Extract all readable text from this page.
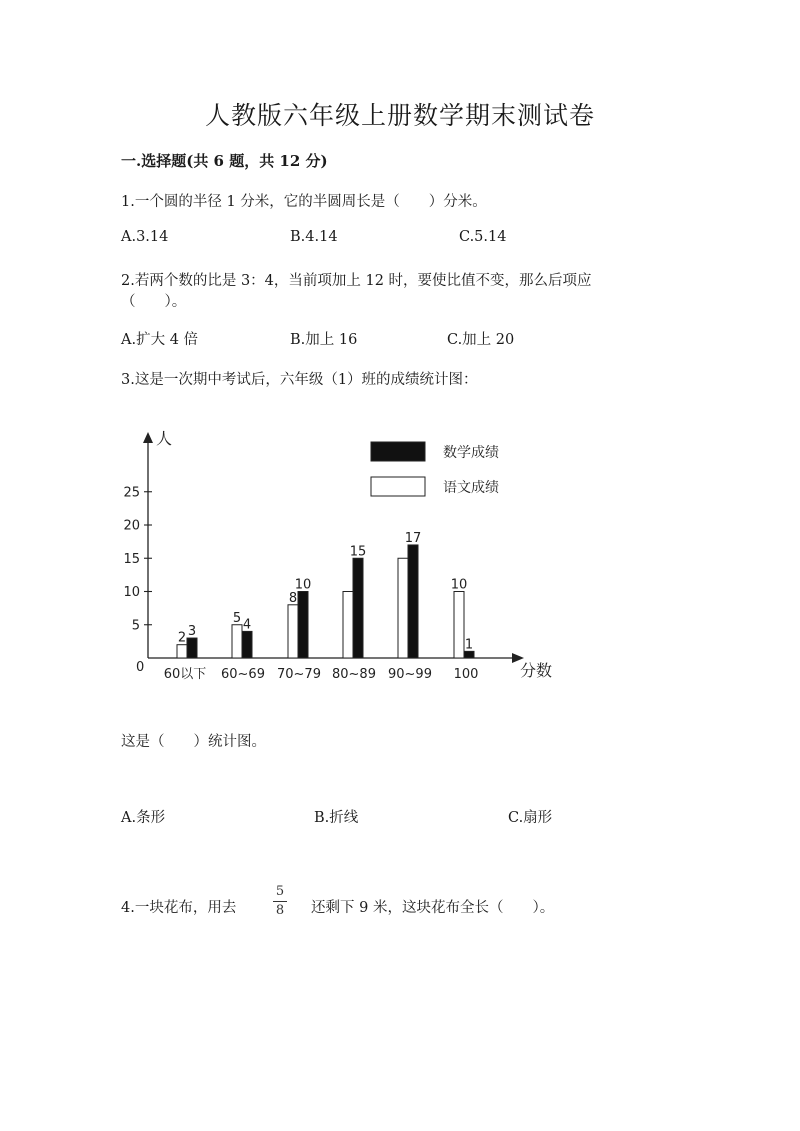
人教版六年级上册数学期末测试卷
一.选择题(共 6 题，共 12 分)
1.一个圆的半径 1 分米，它的半圆周长是（　　）分米。
A.3.14	B.4.14	C.5.14
2.若两个数的比是 3：4，当前项加上 12 时，要使比值不变，那么后项应
（　　）。
A.扩大 4 倍	B.加上 16	C.加上 20
3.这是一次期中考试后，六年级（1）班的成绩统计图：
人
分数
0
5
10
15
20
25
2
5
8
10
3	4
10
15
17
1
60以下 60~69 70~79 80~89 90~99 100
数学成绩
语文成绩
这是（　　）统计图。
A.条形	B.折线	C.扇形
4.一块花布，用去
5
8	还剩下 9 米，这块花布全长（　　）。
